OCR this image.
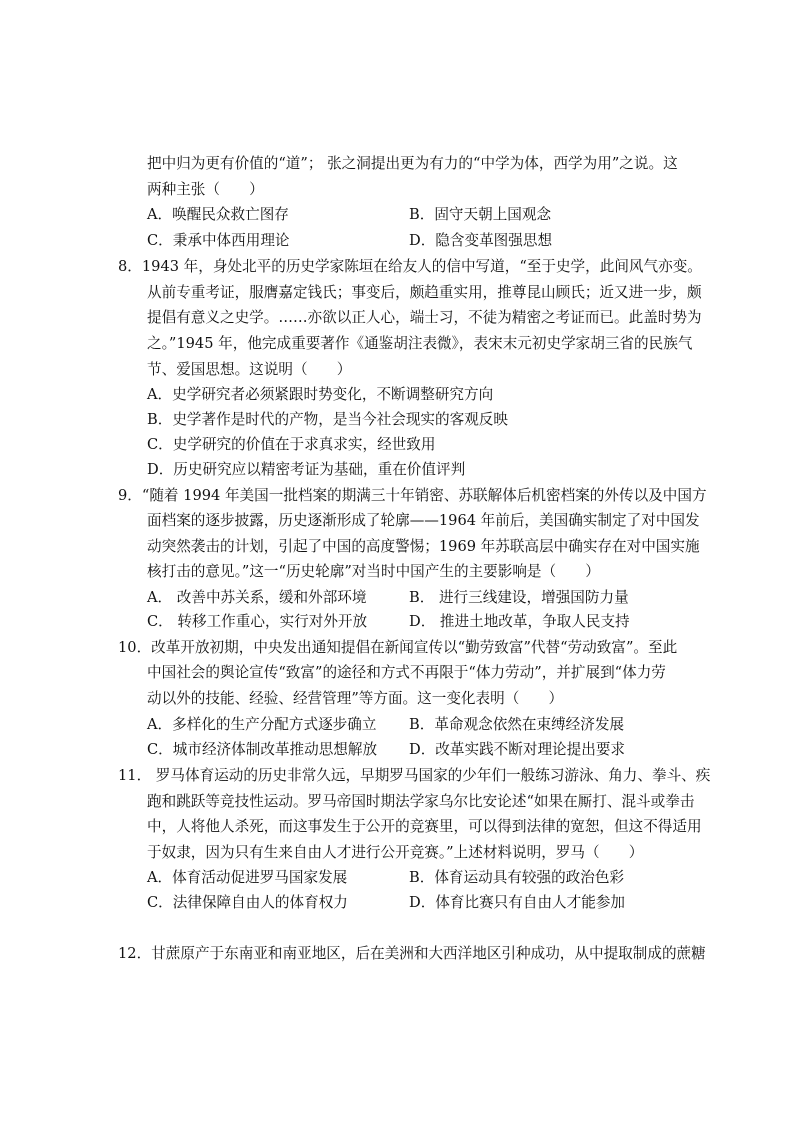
把中归为更有价值的“道”； 张之洞提出更为有力的“中学为体，西学为用”之说。这
两种主张（　　）
A．唤醒民众救亡图存	B．固守天朝上国观念
C．秉承中体西用理论	D．隐含变革图强思想
8．1943 年，身处北平的历史学家陈垣在给友人的信中写道，“至于史学，此间风气亦变。
从前专重考证，服膺嘉定钱氏；事变后，颇趋重实用，推尊昆山顾氏；近又进一步，颇
提倡有意义之史学。……亦欲以正人心，端士习，不徒为精密之考证而已。此盖时势为
之。”1945 年，他完成重要著作《通鉴胡注表微》，表宋末元初史学家胡三省的民族气
节、爱国思想。这说明（　　）
A．史学研究者必须紧跟时势变化，不断调整研究方向
B．史学著作是时代的产物，是当今社会现实的客观反映
C．史学研究的价值在于求真求实，经世致用
D．历史研究应以精密考证为基础，重在价值评判
9．“随着 1994 年美国一批档案的期满三十年销密、苏联解体后机密档案的外传以及中国方
面档案的逐步披露，历史逐渐形成了轮廓——1964 年前后，美国确实制定了对中国发
动突然袭击的计划，引起了中国的高度警惕；1969 年苏联高层中确实存在对中国实施
核打击的意见。”这一“历史轮廓”对当时中国产生的主要影响是（　　）
A． 改善中苏关系，缓和外部环境	B． 进行三线建设，增强国防力量
C． 转移工作重心，实行对外开放	D． 推进土地改革，争取人民支持
10．改革开放初期，中央发出通知提倡在新闻宣传以“勤劳致富”代替“劳动致富”。至此
中国社会的舆论宣传“致富”的途径和方式不再限于“体力劳动”，并扩展到“体力劳
动以外的技能、经验、经营管理”等方面。这一变化表明（　　）
A．多样化的生产分配方式逐步确立 B．革命观念依然在束缚经济发展
C．城市经济体制改革推动思想解放 D．改革实践不断对理论提出要求
11． 罗马体育运动的历史非常久远，早期罗马国家的少年们一般练习游泳、角力、拳斗、疾
跑和跳跃等竞技性运动。罗马帝国时期法学家乌尔比安论述“如果在厮打、混斗或拳击
中，人将他人杀死，而这事发生于公开的竞赛里，可以得到法律的宽恕，但这不得适用
于奴隶，因为只有生来自由人才进行公开竞赛。”上述材料说明，罗马（　　）
A．体育活动促进罗马国家发展	B．体育运动具有较强的政治色彩
C．法律保障自由人的体育权力	D．体育比赛只有自由人才能参加
12．甘蔗原产于东南亚和南亚地区，后在美洲和大西洋地区引种成功，从中提取制成的蔗糖
